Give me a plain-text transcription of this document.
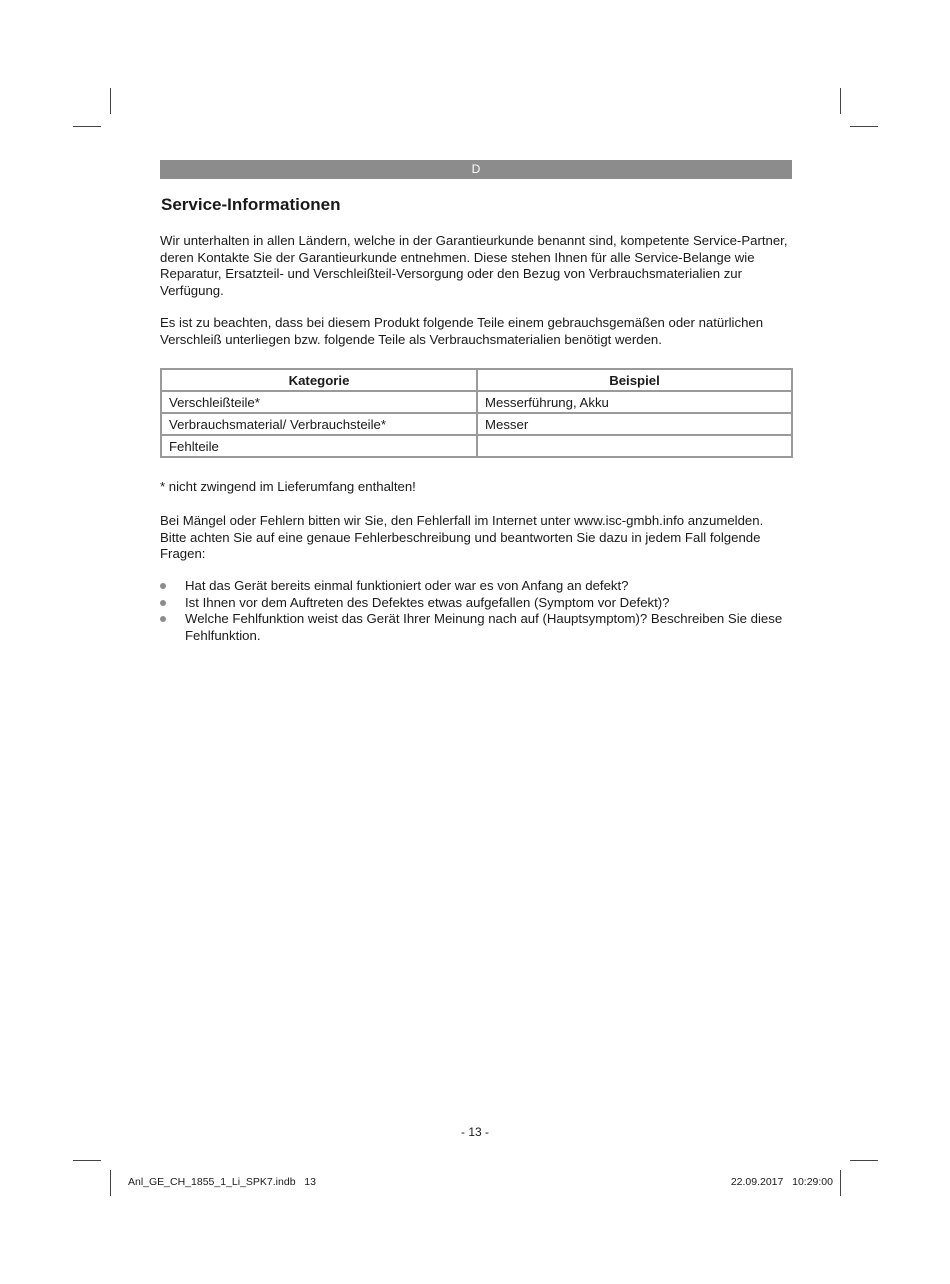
D
Service-Informationen

Wir unterhalten in allen Ländern, welche in der Garantieurkunde benannt sind, kompetente Service-Partner, deren Kontakte Sie der Garantieurkunde entnehmen. Diese stehen Ihnen für alle Service-Belange wie Reparatur, Ersatzteil- und Verschleißteil-Versorgung oder den Bezug von Verbrauchsmaterialien zur Verfügung.

Es ist zu beachten, dass bei diesem Produkt folgende Teile einem gebrauchsgemäßen oder natürlichen Verschleiß unterliegen bzw. folgende Teile als Verbrauchsmaterialien benötigt werden.

Kategorie	Beispiel
Verschleißteile*	Messerführung, Akku
Verbrauchsmaterial/ Verbrauchsteile*	Messer
Fehlteile	

* nicht zwingend im Lieferumfang enthalten!

Bei Mängel oder Fehlern bitten wir Sie, den Fehlerfall im Internet unter www.isc-gmbh.info anzumelden. Bitte achten Sie auf eine genaue Fehlerbeschreibung und beantworten Sie dazu in jedem Fall folgende Fragen:

Hat das Gerät bereits einmal funktioniert oder war es von Anfang an defekt?
Ist Ihnen vor dem Auftreten des Defektes etwas aufgefallen (Symptom vor Defekt)?
Welche Fehlfunktion weist das Gerät Ihrer Meinung nach auf (Hauptsymptom)? Beschreiben Sie diese Fehlfunktion.
- 13 -
Anl_GE_CH_1855_1_Li_SPK7.indb   13	22.09.2017   10:29:00
